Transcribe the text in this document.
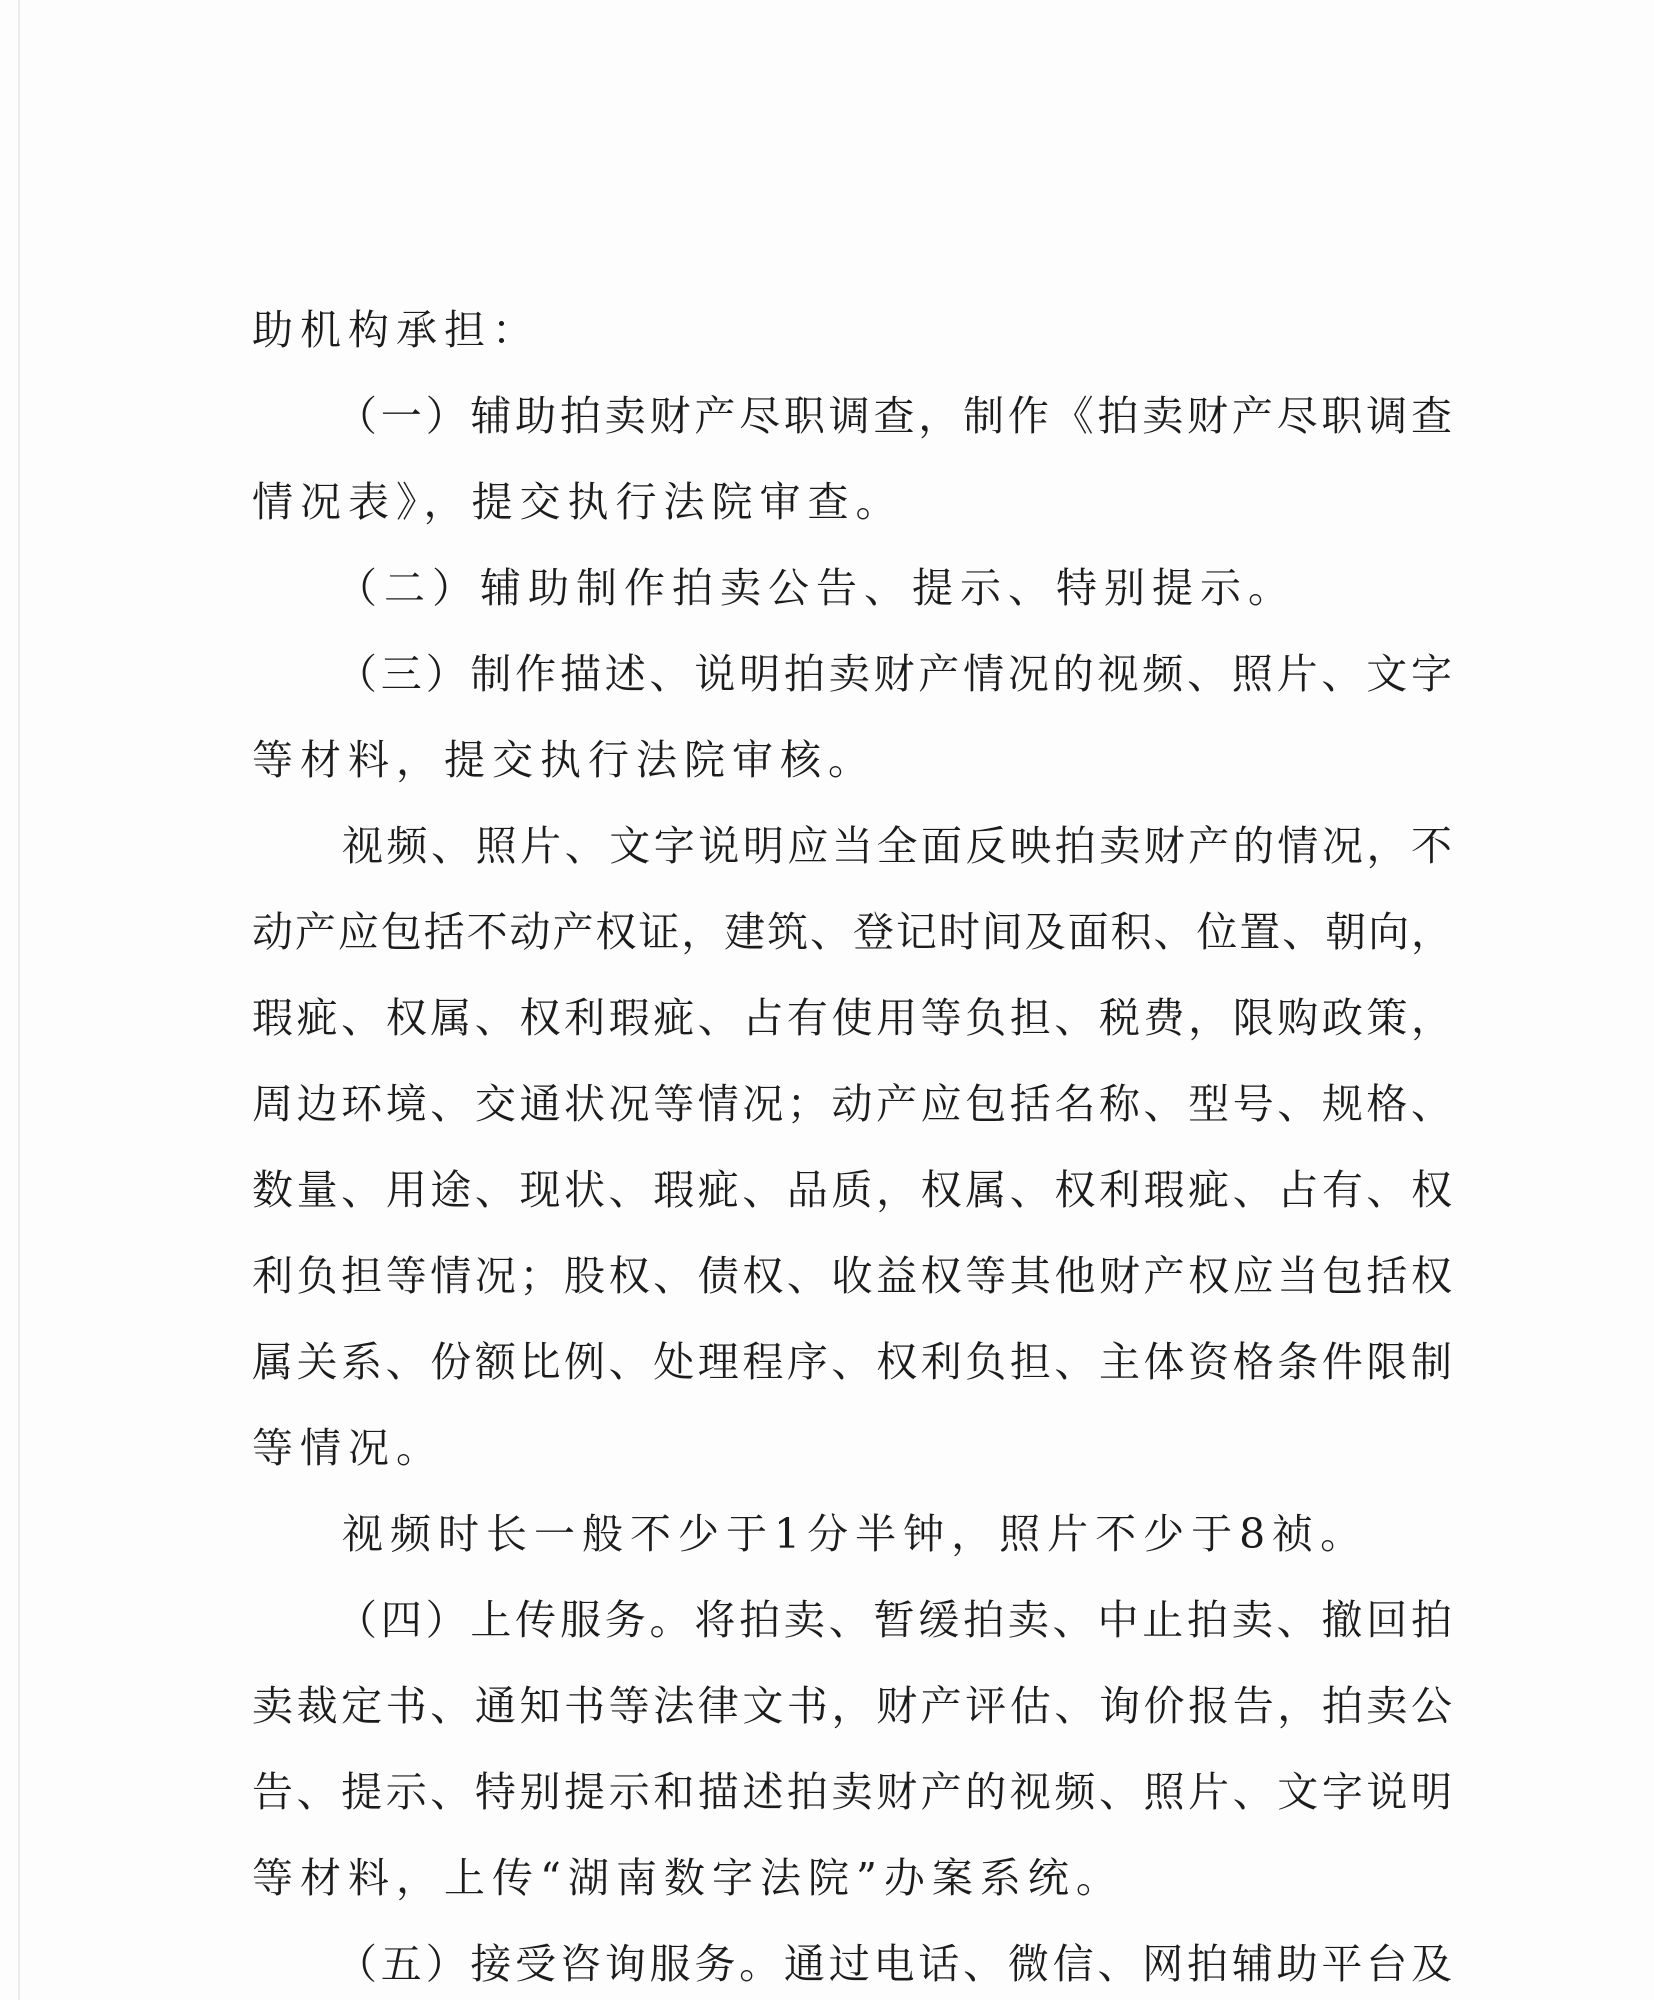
助机构承担：
（一）辅助拍卖财产尽职调查，制作《拍卖财产尽职调查
情况表》，提交执行法院审查。
（二）辅助制作拍卖公告、提示、特别提示。
（三）制作描述、说明拍卖财产情况的视频、照片、文字
等材料，提交执行法院审核。
视频、照片、文字说明应当全面反映拍卖财产的情况，不
动产应包括不动产权证，建筑、登记时间及面积、位置、朝向，
瑕疵、权属、权利瑕疵、占有使用等负担、税费，限购政策，
周边环境、交通状况等情况；动产应包括名称、型号、规格、
数量、用途、现状、瑕疵、品质，权属、权利瑕疵、占有、权
利负担等情况；股权、债权、收益权等其他财产权应当包括权
属关系、份额比例、处理程序、权利负担、主体资格条件限制
等情况。
视频时长一般不少于1分半钟，照片不少于8祯。
（四）上传服务。将拍卖、暂缓拍卖、中止拍卖、撤回拍
卖裁定书、通知书等法律文书，财产评估、询价报告，拍卖公
告、提示、特别提示和描述拍卖财产的视频、照片、文字说明
等材料，上传“湖南数字法院”办案系统。
（五）接受咨询服务。通过电话、微信、网拍辅助平台及
